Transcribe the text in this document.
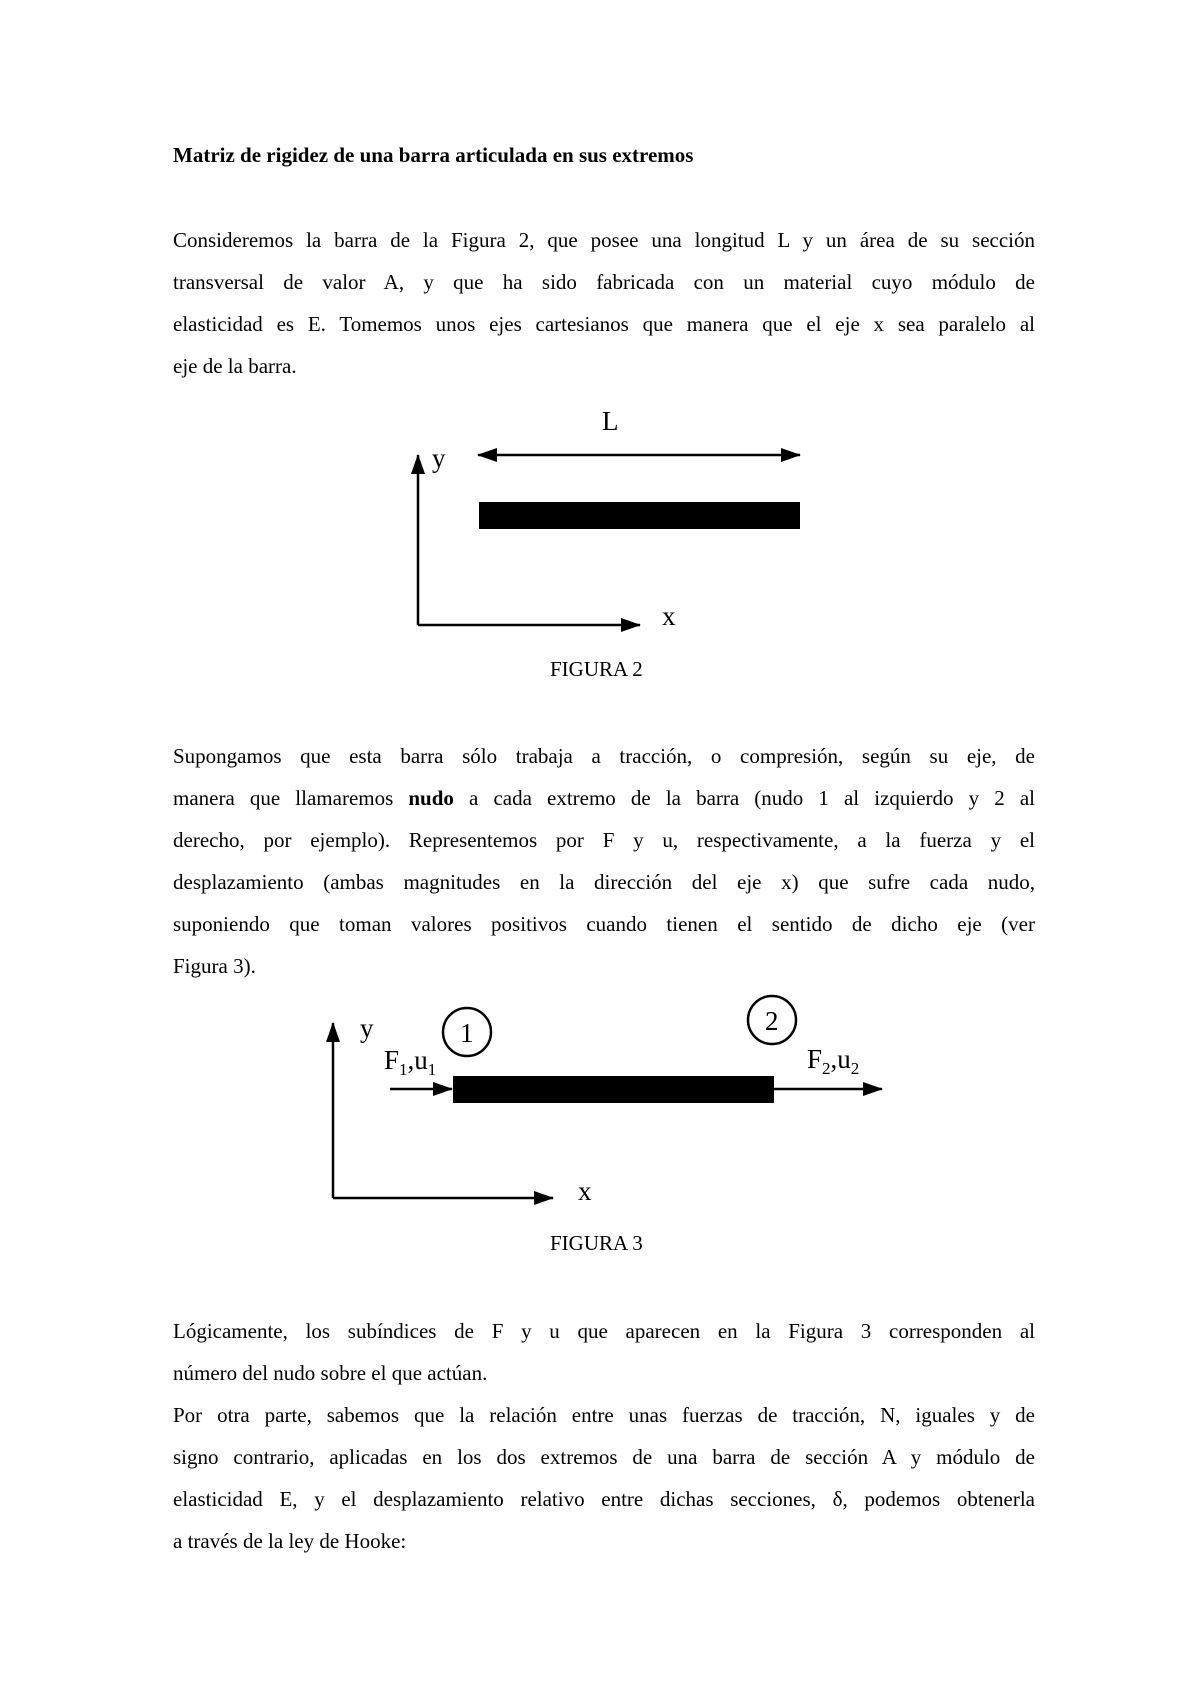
Matriz de rigidez de una barra articulada en sus extremos
Consideremos la barra de la Figura 2, que posee una longitud L y un área de su sección
transversal de valor A, y que ha sido fabricada con un material cuyo módulo de
elasticidad es E. Tomemos unos ejes cartesianos que manera que el eje x sea paralelo al
eje de la barra.
L
y
x
FIGURA 2
Supongamos que esta barra sólo trabaja a tracción, o compresión, según su eje, de
manera que llamaremos nudo a cada extremo de la barra (nudo 1 al izquierdo y 2 al
derecho, por ejemplo). Representemos por F y u, respectivamente, a la fuerza y el
desplazamiento (ambas magnitudes en la dirección del eje x) que sufre cada nudo,
suponiendo que toman valores positivos cuando tienen el sentido de dicho eje (ver
Figura 3).
1	2
y
x
$F_1,u_1$	$F_2,u_2$
FIGURA 3
Lógicamente, los subíndices de F y u que aparecen en la Figura 3 corresponden al
número del nudo sobre el que actúan.
Por otra parte, sabemos que la relación entre unas fuerzas de tracción, N, iguales y de
signo contrario, aplicadas en los dos extremos de una barra de sección A y módulo de
elasticidad E, y el desplazamiento relativo entre dichas secciones, δ, podemos obtenerla
a través de la ley de Hooke:
